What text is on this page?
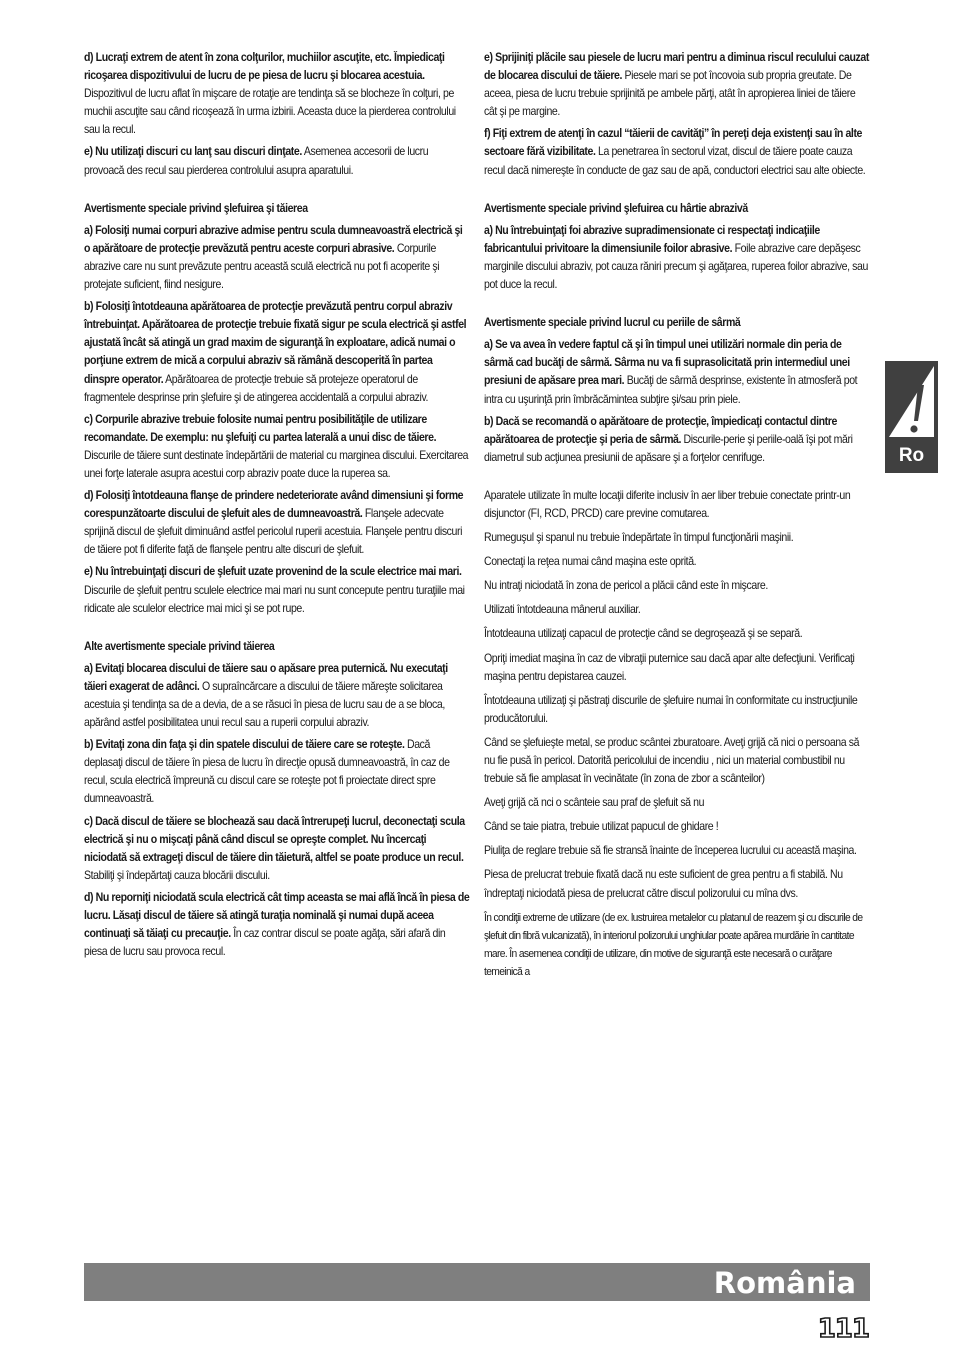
d) Lucraţi extrem de atent în zona colţurilor, muchiilor ascuţite, etc. Împiedicaţi ricoşarea dispozitivului de lucru de pe piesa de lucru şi blocarea acestuia. Dispozitivul de lucru aflat în mişcare de rotaţie are tendinţa să se blocheze în colţuri, pe muchii ascuţite sau când ricoşează în urma izbirii. Aceasta duce la pierderea controlului sau la recul.

e) Nu utilizaţi discuri cu lanţ sau discuri dinţate. Asemenea accesorii de lucru provoacă des recul sau pierderea controlului asupra aparatului.

Avertismente speciale privind şlefuirea şi tăierea

a) Folosiţi numai corpuri abrazive admise pentru scula dumneavoastră electrică şi o apărătoare de protecţie prevăzută pentru aceste corpuri abrasive. Corpurile abrazive care nu sunt prevăzute pentru această sculă electrică nu pot fi acoperite şi protejate suficient, fiind nesigure.

b) Folosiţi întotdeauna apărătoarea de protecţie prevăzută pentru corpul abraziv întrebuinţat. Apărătoarea de protecţie trebuie fixată sigur pe scula electrică şi astfel ajustată încât să atingă un grad maxim de siguranţă în exploatare, adică numai o porţiune extrem de mică a corpului abraziv să rămână descoperită în partea dinspre operator. Apărătoarea de protecţie trebuie să protejeze operatorul de fragmentele desprinse prin şlefuire şi de atingerea accidentală a corpului abraziv.

c) Corpurile abrazive trebuie folosite numai pentru posibilităţile de utilizare recomandate. De exemplu: nu şlefuiţi cu partea laterală a unui disc de tăiere. Discurile de tăiere sunt destinate îndepărtării de material cu marginea discului. Exercitarea unei forţe laterale asupra acestui corp abraziv poate duce la ruperea sa.

d) Folosiţi întotdeauna flanşe de prindere nedeteriorate având dimensiuni şi forme corespunzătoarte discului de şlefuit ales de dumneavoastră. Flanşele adecvate sprijină discul de şlefuit diminuând astfel pericolul ruperii acestuia. Flanşele pentru discuri de tăiere pot fi diferite faţă de flanşele pentru alte discuri de şlefuit.

e) Nu întrebuinţaţi discuri de şlefuit uzate provenind de la scule electrice mai mari. Discurile de şlefuit pentru sculele electrice mai mari nu sunt concepute pentru turaţiile mai ridicate ale sculelor electrice mai mici şi se pot rupe.

Alte avertismente speciale privind tăierea

a) Evitaţi blocarea discului de tăiere sau o apăsare prea puternică. Nu executaţi tăieri exagerat de adânci. O supraîncărcare a discului de tăiere măreşte solicitarea acestuia şi tendinţa sa de a devia, de a se răsuci în piesa de lucru sau de a se bloca, apărând astfel posibilitatea unui recul sau a ruperii corpului abraziv.

b) Evitaţi zona din faţa şi din spatele discului de tăiere care se roteşte. Dacă deplasaţi discul de tăiere în piesa de lucru în direcţie opusă dumneavoastră, în caz de recul, scula electrică împreună cu discul care se roteşte pot fi proiectate direct spre dumneavoastră.

c) Dacă discul de tăiere se blochează sau dacă întrerupeţi lucrul, deconectaţi scula electrică şi nu o mişcaţi până când discul se opreşte complet. Nu încercaţi niciodată să extrageţi discul de tăiere din tăietură, altfel se poate produce un recul. Stabiliţi şi îndepărtaţi cauza blocării discului.

d) Nu reporniţi niciodată scula electrică cât timp aceasta se mai află încă în piesa de lucru. Lăsaţi discul de tăiere să atingă turaţia nominală şi numai după aceea continuaţi să tăiaţi cu precauţie. În caz contrar discul se poate agăţa, sări afară din piesa de lucru sau provoca recul.

e) Sprijiniţi plăcile sau piesele de lucru mari pentru a diminua riscul reculului cauzat de blocarea discului de tăiere. Piesele mari se pot încovoia sub propria greutate. De aceea, piesa de lucru trebuie sprijinită pe ambele părţi, atât în apropierea liniei de tăiere cât şi pe margine.

f) Fiţi extrem de atenţi în cazul “tăierii de cavităţi” în pereţi deja existenţi sau în alte sectoare fără vizibilitate. La penetrarea în sectorul vizat, discul de tăiere poate cauza recul dacă nimereşte în conducte de gaz sau de apă, conductori electrici sau alte obiecte.

Avertismente speciale privind şlefuirea cu hârtie abrazivă

a) Nu întrebuinţaţi foi abrazive supradimensionate ci respectaţi indicaţiile fabricantului privitoare la dimensiunile foilor abrasive. Foile abrazive care depăşesc marginile discului abraziv, pot cauza răniri precum şi agăţarea, ruperea foilor abrazive, sau pot duce la recul.

Avertismente speciale privind lucrul cu periile de sârmă

a) Se va avea în vedere faptul că şi în timpul unei utilizări normale din peria de sârmă cad bucăţi de sârmă. Sârma nu va fi suprasolicitată prin intermediul unei presiuni de apăsare prea mari. Bucăţi de sârmă desprinse, existente în atmosferă pot intra cu uşurinţă prin îmbrăcămintea subţire şi/sau prin piele.

b) Dacă se recomandă o apărătoare de protecţie, împiedicaţi contactul dintre apărătoarea de protecţie şi peria de sârmă. Discurile-perie şi periile-oală îşi pot mări diametrul sub acţiunea presiunii de apăsare şi a forţelor cenrifuge.

Aparatele utilizate în multe locaţii diferite inclusiv în aer liber trebuie conectate printr-un disjunctor (FI, RCD, PRCD) care previne comutarea.

Rumeguşul şi spanul nu trebuie îndepărtate în timpul funcţionării maşinii.

Conectaţi la reţea numai când maşina este oprită.

Nu intraţi niciodată în zona de pericol a plăcii când este în mişcare.

Utilizati întotdeauna mânerul auxiliar.

Întotdeauna utilizaţi capacul de protecţie când se degroşează şi se separă.

Opriţi imediat maşina în caz de vibraţii puternice sau dacă apar alte defecţiuni. Verificaţi maşina pentru depistarea cauzei.

Întotdeauna utilizaţi şi păstraţi discurile de şlefuire numai în conformitate cu instrucţiunile producătorului.

Când se şlefuieşte metal, se produc scântei zburatoare. Aveţi grijă că nici o persoana să nu fie pusă în pericol. Datorită pericolului de incendiu , nici un material combustibil nu trebuie să fie amplasat în vecinătate (în zona de zbor a scânteilor)

Aveţi grijă că nci o scânteie sau praf de şlefuit să nu

Când se taie piatra, trebuie utilizat papucul de ghidare !

Piuliţa de reglare trebuie să fie stransă înainte de începerea lucrului cu această maşina.

Piesa de prelucrat trebuie fixată dacă nu este suficient de grea pentru a fi stabilă. Nu îndreptaţi niciodată piesa de prelucrat către discul polizorului cu mîna dvs.

În condiţii extreme de utilizare (de ex. lustruirea metalelor cu platanul de reazem şi cu discurile de şlefuit din fibră vulcanizată), în interiorul polizorului unghiular poate apărea murdărie în cantitate mare. În asemenea condiţii de utilizare, din motive de siguranţă este necesară o curăţare temeinică a

Ro
România
111
